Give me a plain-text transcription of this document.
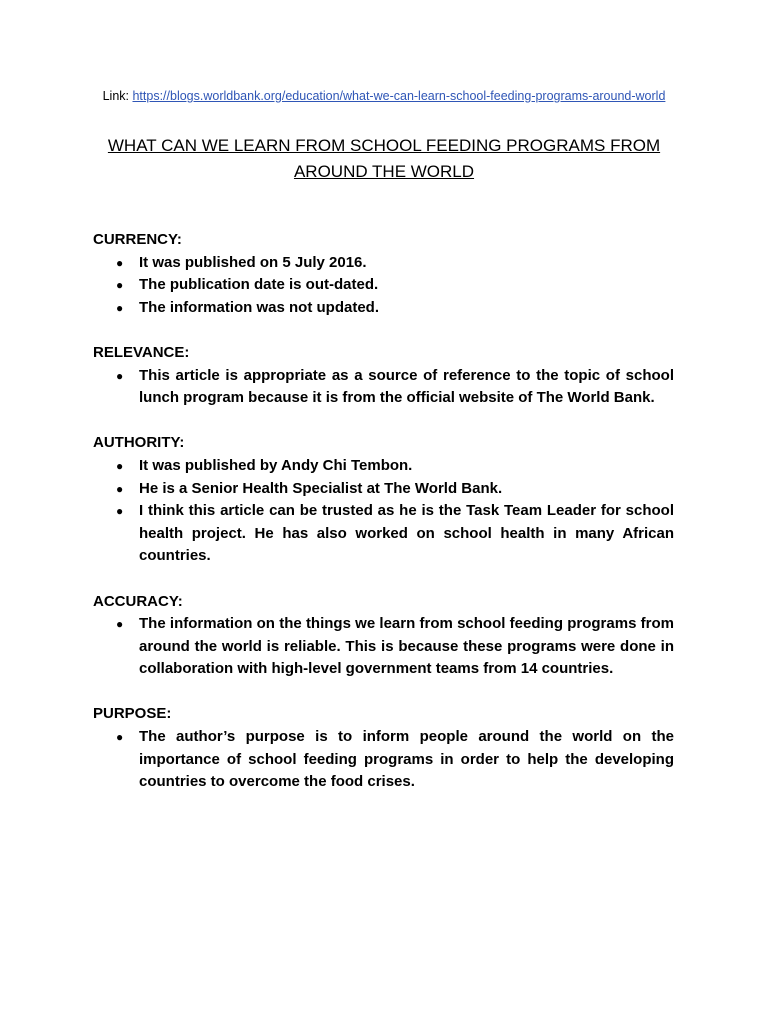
Link: https://blogs.worldbank.org/education/what-we-can-learn-school-feeding-programs-around-world
WHAT CAN WE LEARN FROM SCHOOL FEEDING PROGRAMS FROM AROUND THE WORLD
CURRENCY:
● It was published on 5 July 2016.
● The publication date is out-dated.
● The information was not updated.
RELEVANCE:
● This article is appropriate as a source of reference to the topic of school lunch program because it is from the official website of The World Bank.
AUTHORITY:
● It was published by Andy Chi Tembon.
● He is a Senior Health Specialist at The World Bank.
● I think this article can be trusted as he is the Task Team Leader for school health project. He has also worked on school health in many African countries.
ACCURACY:
● The information on the things we learn from school feeding programs from around the world is reliable. This is because these programs were done in collaboration with high-level government teams from 14 countries.
PURPOSE:
● The author’s purpose is to inform people around the world on the importance of school feeding programs in order to help the developing countries to overcome the food crises.
